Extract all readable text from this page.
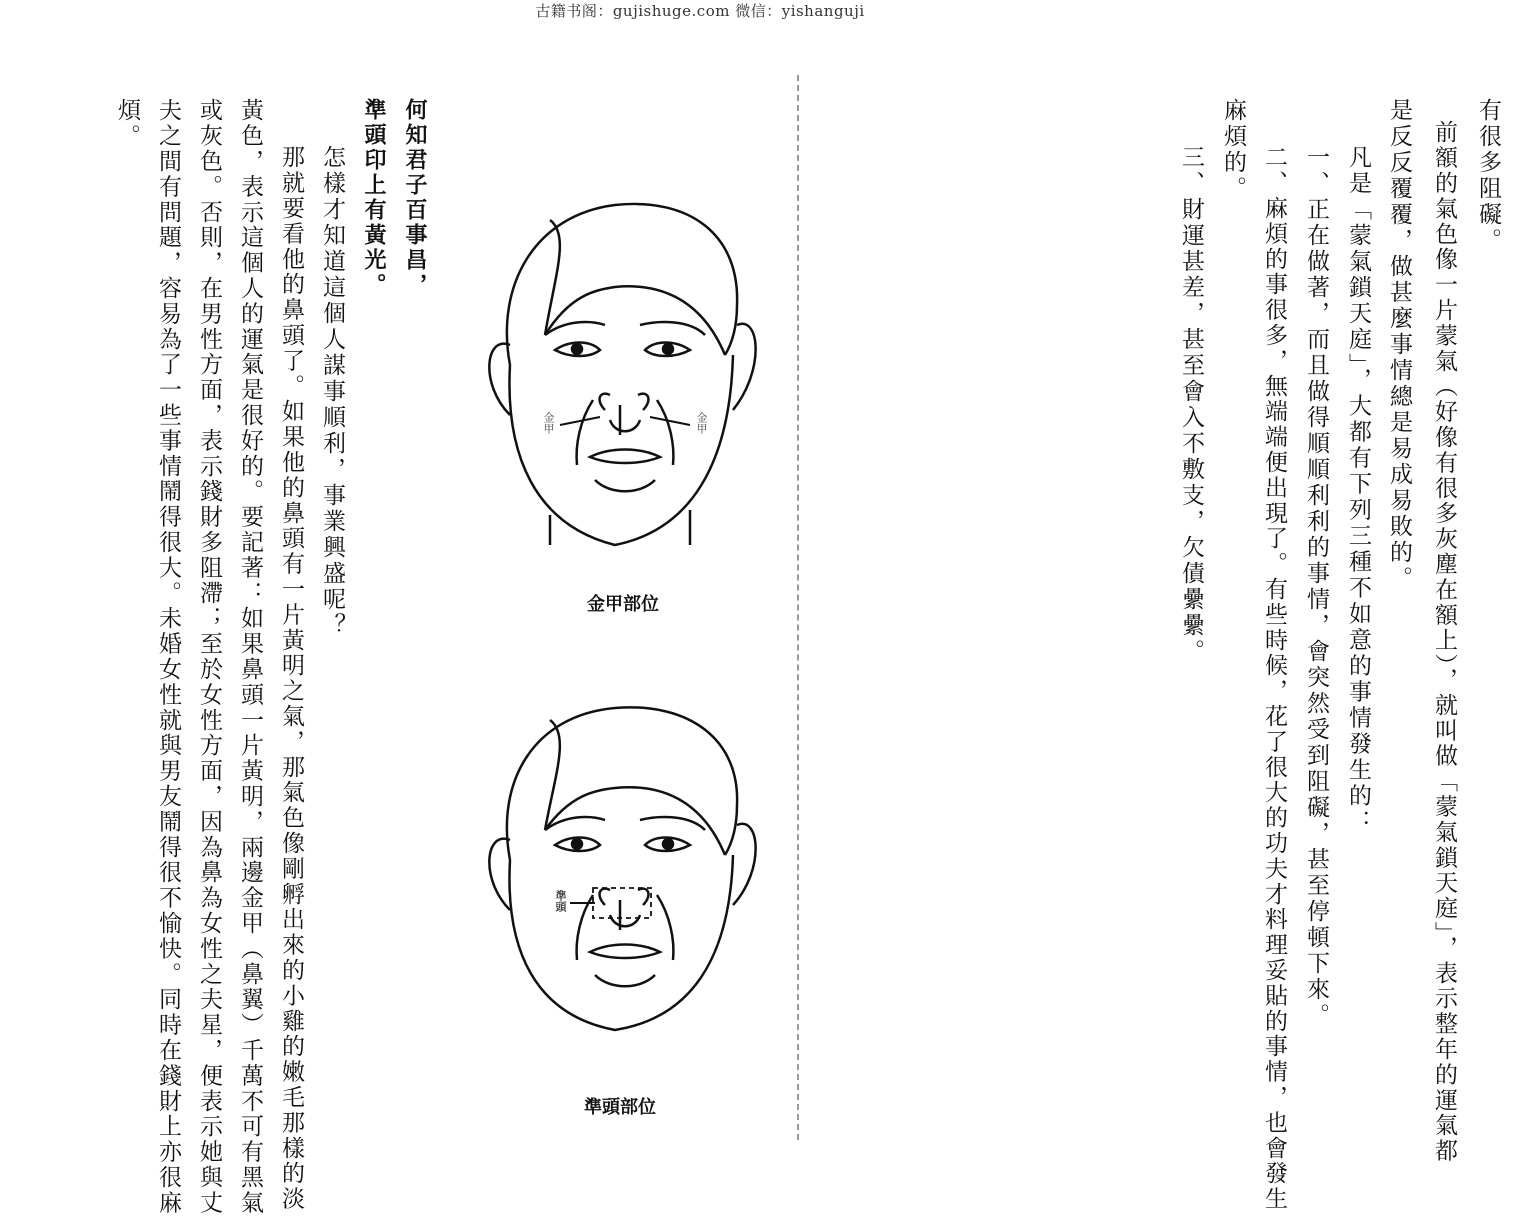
古籍书阁：gujishuge.com 微信：yishanguji
有很多阻礙。
前額的氣色像一片蒙氣（好像有很多灰塵在額上），就叫做「蒙氣鎖天庭」，表示整年的運氣都
是反反覆覆，做甚麼事情總是易成易敗的。
凡是「蒙氣鎖天庭」，大都有下列三種不如意的事情發生的：
一、正在做著，而且做得順順利利的事情，會突然受到阻礙，甚至停頓下來。
二、麻煩的事很多，無端端便出現了。有些時候，花了很大的功夫才料理妥貼的事情，也會發生
麻煩的。
三、財運甚差，甚至會入不敷支，欠債纍纍。
何知君子百事昌，
準頭印上有黃光。
怎樣才知道這個人謀事順利，事業興盛呢？
那就要看他的鼻頭了。如果他的鼻頭有一片黃明之氣，那氣色像剛孵出來的小雞的嫩毛那樣的淡
黃色，表示這個人的運氣是很好的。要記著：如果鼻頭一片黃明，兩邊金甲（鼻翼）千萬不可有黑氣
或灰色。否則，在男性方面，表示錢財多阻滯；至於女性方面，因為鼻為女性之夫星，便表示她與丈
夫之間有問題，容易為了一些事情鬧得很大。未婚女性就與男友鬧得很不愉快。同時在錢財上亦很麻
煩。
金甲	金甲
金甲部位
準頭
準頭部位
